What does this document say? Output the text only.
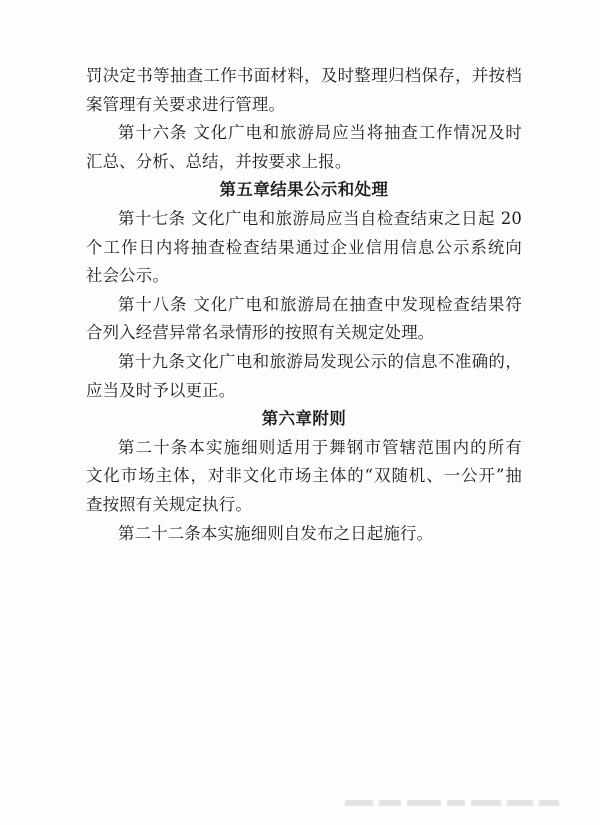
罚决定书等抽查工作书面材料，及时整理归档保存，并按档
案管理有关要求进行管理。
第十六条 文化广电和旅游局应当将抽查工作情况及时
汇总、分析、总结，并按要求上报。
第五章结果公示和处理
第十七条 文化广电和旅游局应当自检查结束之日起 20
个工作日内将抽查检查结果通过企业信用信息公示系统向
社会公示。
第十八条 文化广电和旅游局在抽查中发现检查结果符
合列入经营异常名录情形的按照有关规定处理。
第十九条文化广电和旅游局发现公示的信息不准确的，
应当及时予以更正。
第六章附则
第二十条本实施细则适用于舞钢市管辖范围内的所有
文化市场主体，对非文化市场主体的“双随机、一公开”抽
查按照有关规定执行。
第二十二条本实施细则自发布之日起施行。
